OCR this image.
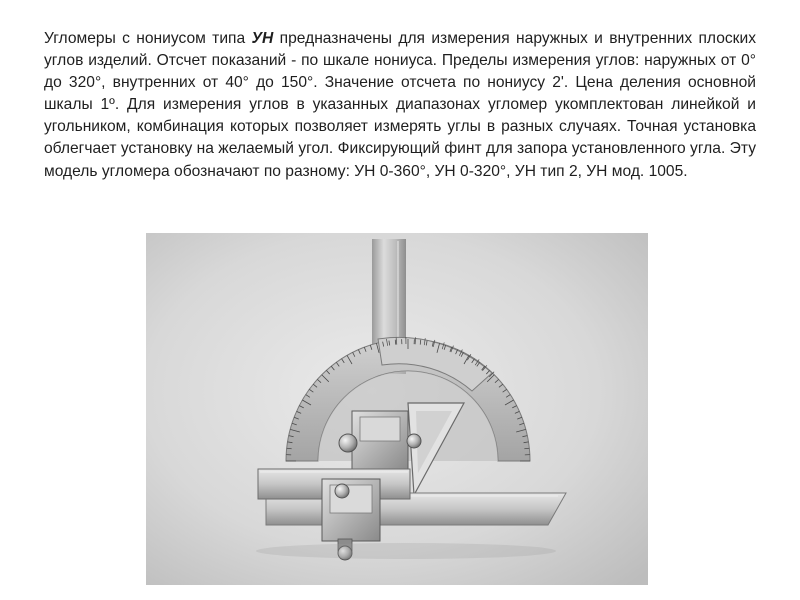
Угломеры с нониусом типа УН предназначены для измерения наружных и внутренних плоских углов изделий. Отсчет показаний - по шкале нониуса. Пределы измерения углов: наружных от 0° до 320°, внутренних от 40° до 150°. Значение отсчета по нониусу 2'. Цена деления основной шкалы 1º. Для измерения углов в указанных диапазонах угломер укомплектован линейкой и угольником, комбинация которых позволяет измерять углы в разных случаях. Точная установка облегчает установку на желаемый угол. Фиксирующий финт для запора установленного угла. Эту модель угломера обозначают по разному: УН 0-360°, УН 0-320°, УН тип 2, УН мод. 1005.
